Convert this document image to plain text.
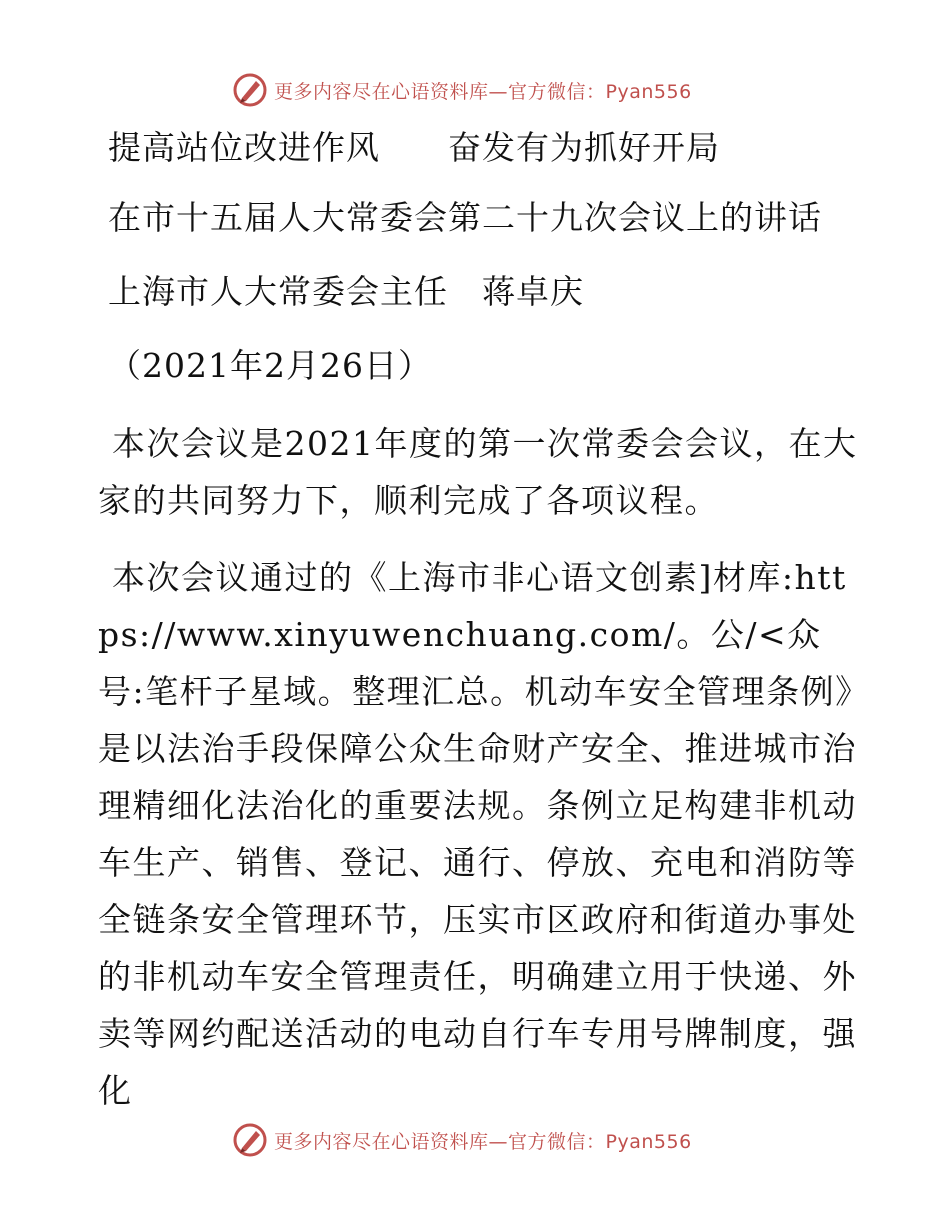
更多内容尽在心语资料库—官方微信：Pyan556
提高站位改进作风　　奋发有为抓好开局
在市十五届人大常委会第二十九次会议上的讲话
上海市人大常委会主任　蒋卓庆
（2021年2月26日）
本次会议是2021年度的第一次常委会会议，在大家的共同努力下，顺利完成了各项议程。
本次会议通过的《上海市非心语文创素]材库:https://www.xinyuwenchuang.com/。公/<众号:笔杆子星域。整理汇总。机动车安全管理条例》是以法治手段保障公众生命财产安全、推进城市治理精细化法治化的重要法规。条例立足构建非机动车生产、销售、登记、通行、停放、充电和消防等全链条安全管理环节，压实市区政府和街道办事处的非机动车安全管理责任，明确建立用于快递、外卖等网约配送活动的电动自行车专用号牌制度，强化
更多内容尽在心语资料库—官方微信：Pyan556
